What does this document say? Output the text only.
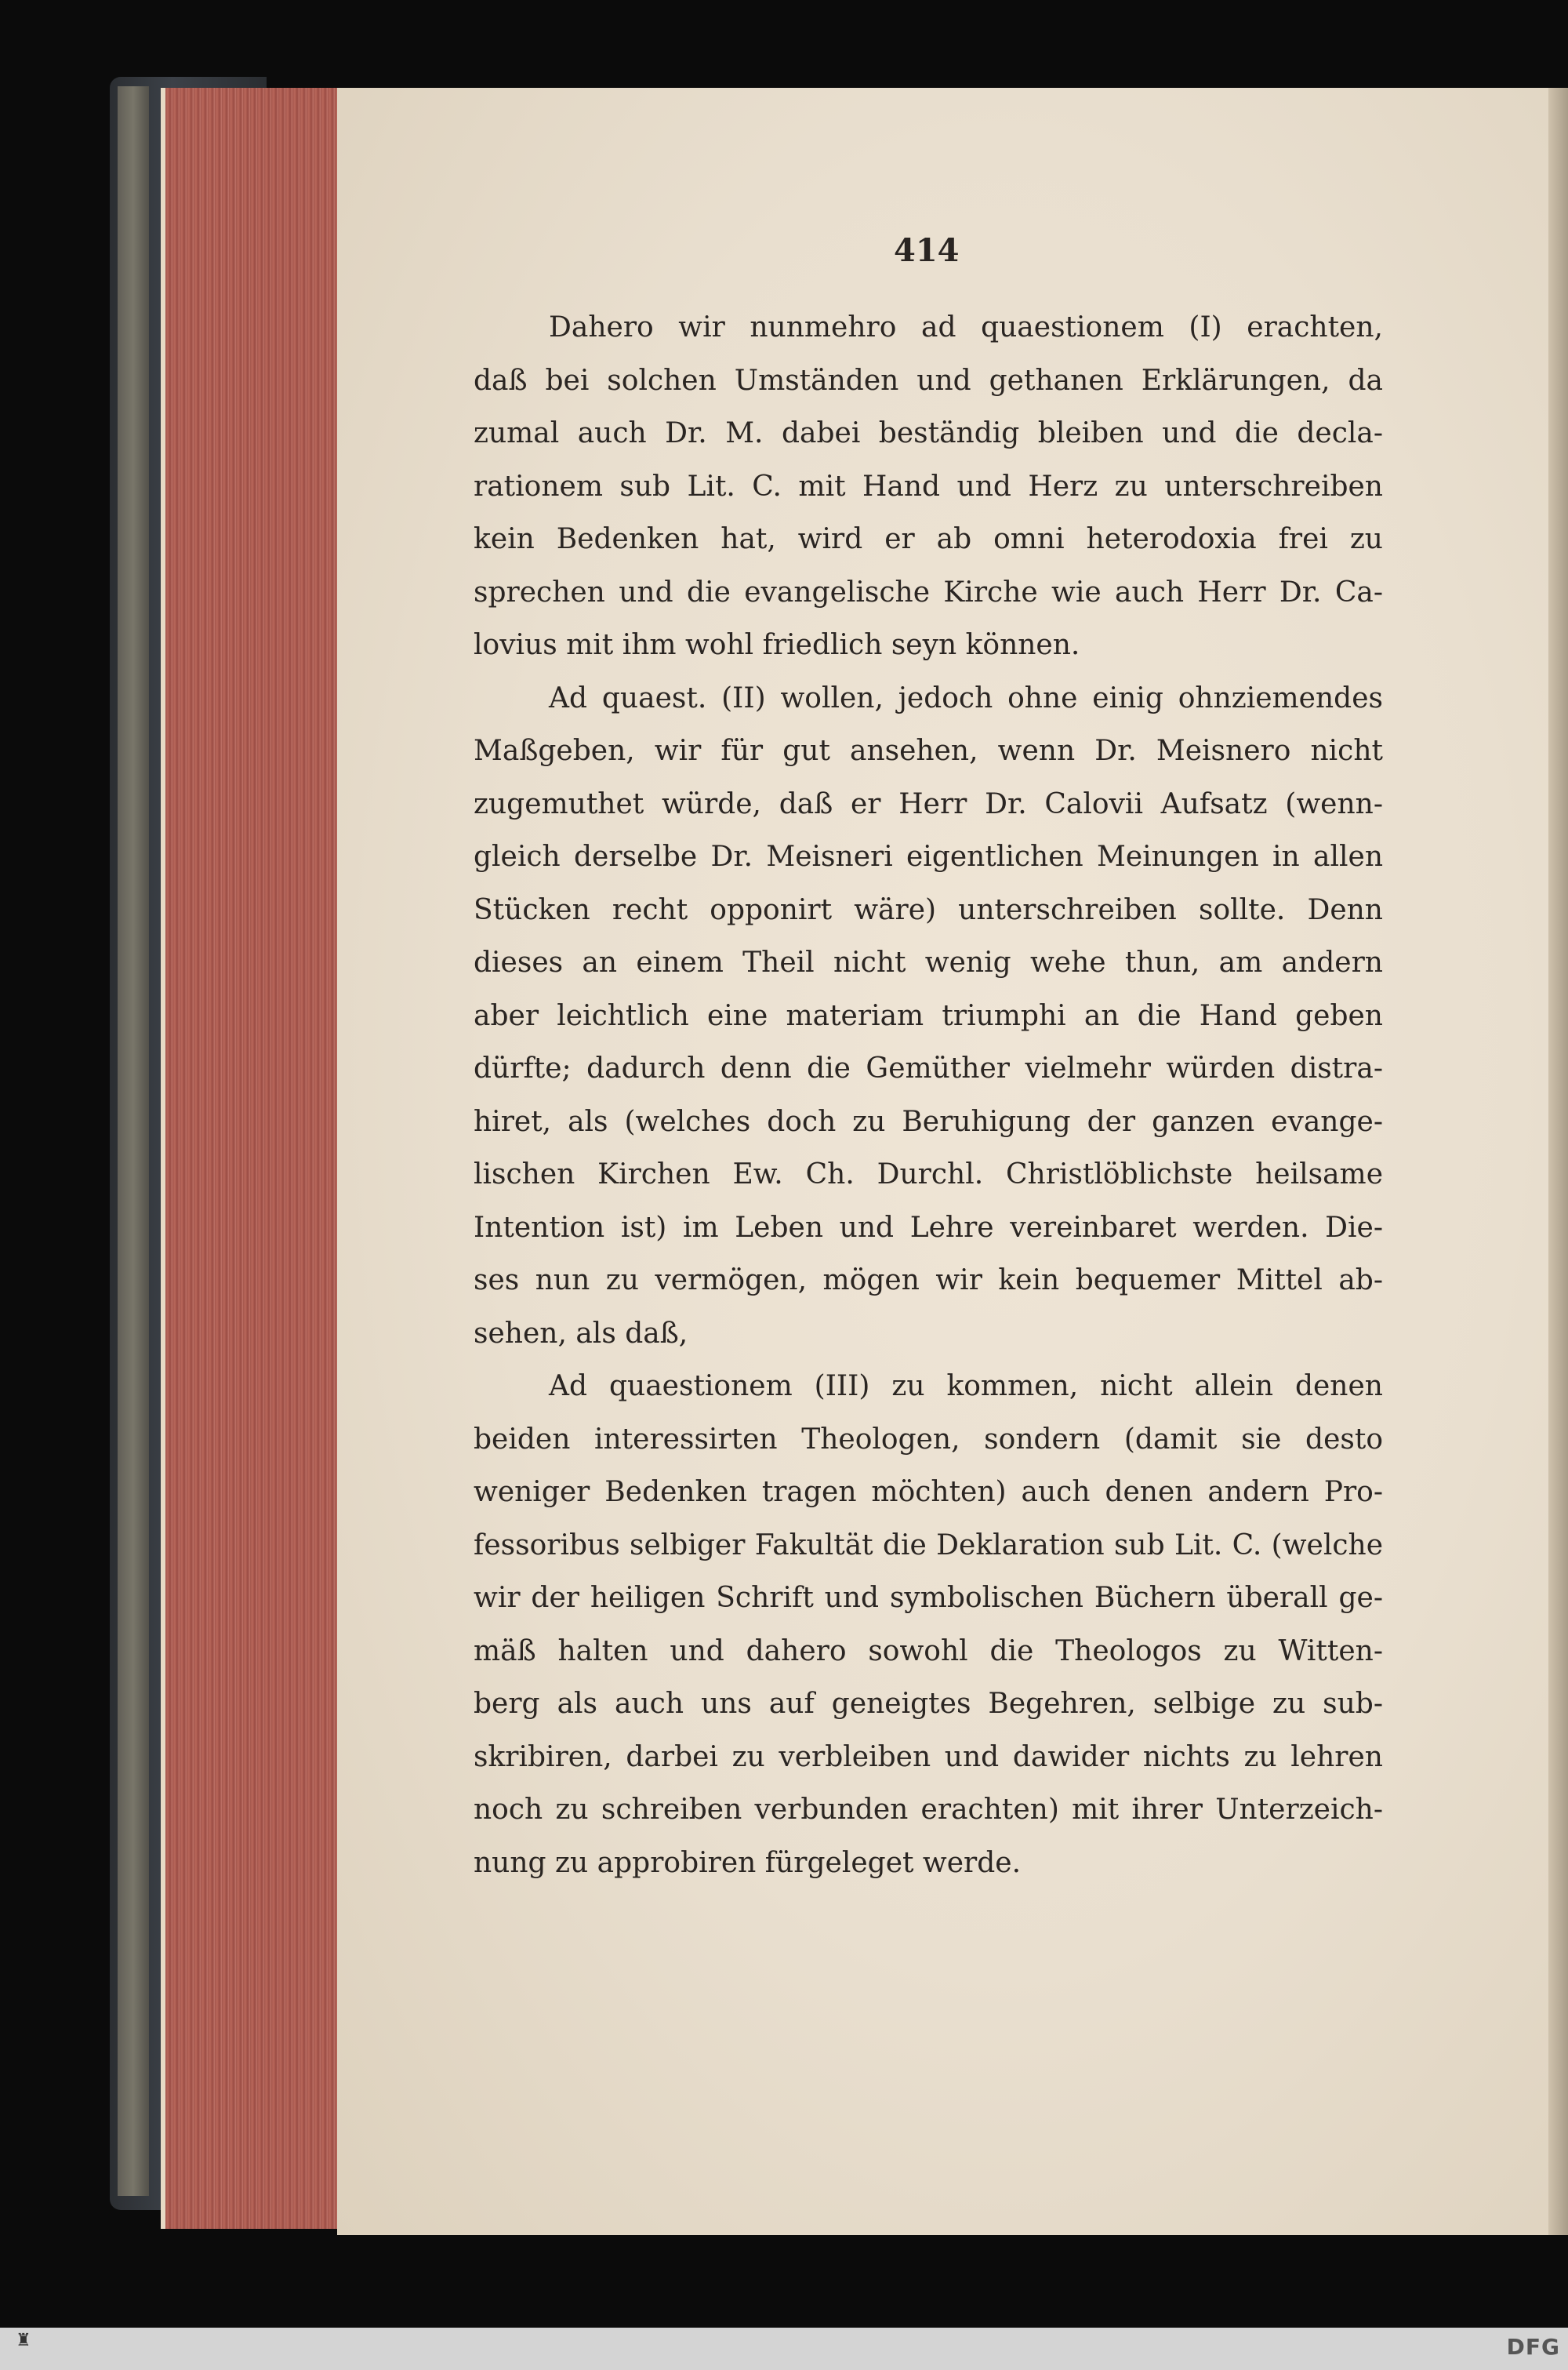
414
Dahero wir nunmehro ad quaestionem (I) erachten,
daß bei solchen Umständen und gethanen Erklärungen, da
zumal auch Dr. M. dabei beständig bleiben und die decla-
rationem sub Lit. C. mit Hand und Herz zu unterschreiben
kein Bedenken hat, wird er ab omni heterodoxia frei zu
sprechen und die evangelische Kirche wie auch Herr Dr. Ca-
lovius mit ihm wohl friedlich seyn können.
Ad quaest. (II) wollen, jedoch ohne einig ohnziemendes
Maßgeben, wir für gut ansehen, wenn Dr. Meisnero nicht
zugemuthet würde, daß er Herr Dr. Calovii Aufsatz (wenn-
gleich derselbe Dr. Meisneri eigentlichen Meinungen in allen
Stücken recht opponirt wäre) unterschreiben sollte. Denn
dieses an einem Theil nicht wenig wehe thun, am andern
aber leichtlich eine materiam triumphi an die Hand geben
dürfte; dadurch denn die Gemüther vielmehr würden distra-
hiret, als (welches doch zu Beruhigung der ganzen evange-
lischen Kirchen Ew. Ch. Durchl. Christlöblichste heilsame
Intention ist) im Leben und Lehre vereinbaret werden. Die-
ses nun zu vermögen, mögen wir kein bequemer Mittel ab-
sehen, als daß,
Ad quaestionem (III) zu kommen, nicht allein denen
beiden interessirten Theologen, sondern (damit sie desto
weniger Bedenken tragen möchten) auch denen andern Pro-
fessoribus selbiger Fakultät die Deklaration sub Lit. C. (welche
wir der heiligen Schrift und symbolischen Büchern überall ge-
mäß halten und dahero sowohl die Theologos zu Witten-
berg als auch uns auf geneigtes Begehren, selbige zu sub-
skribiren, darbei zu verbleiben und dawider nichts zu lehren
noch zu schreiben verbunden erachten) mit ihrer Unterzeich-
nung zu approbiren fürgeleget werde.
♜	DFG
